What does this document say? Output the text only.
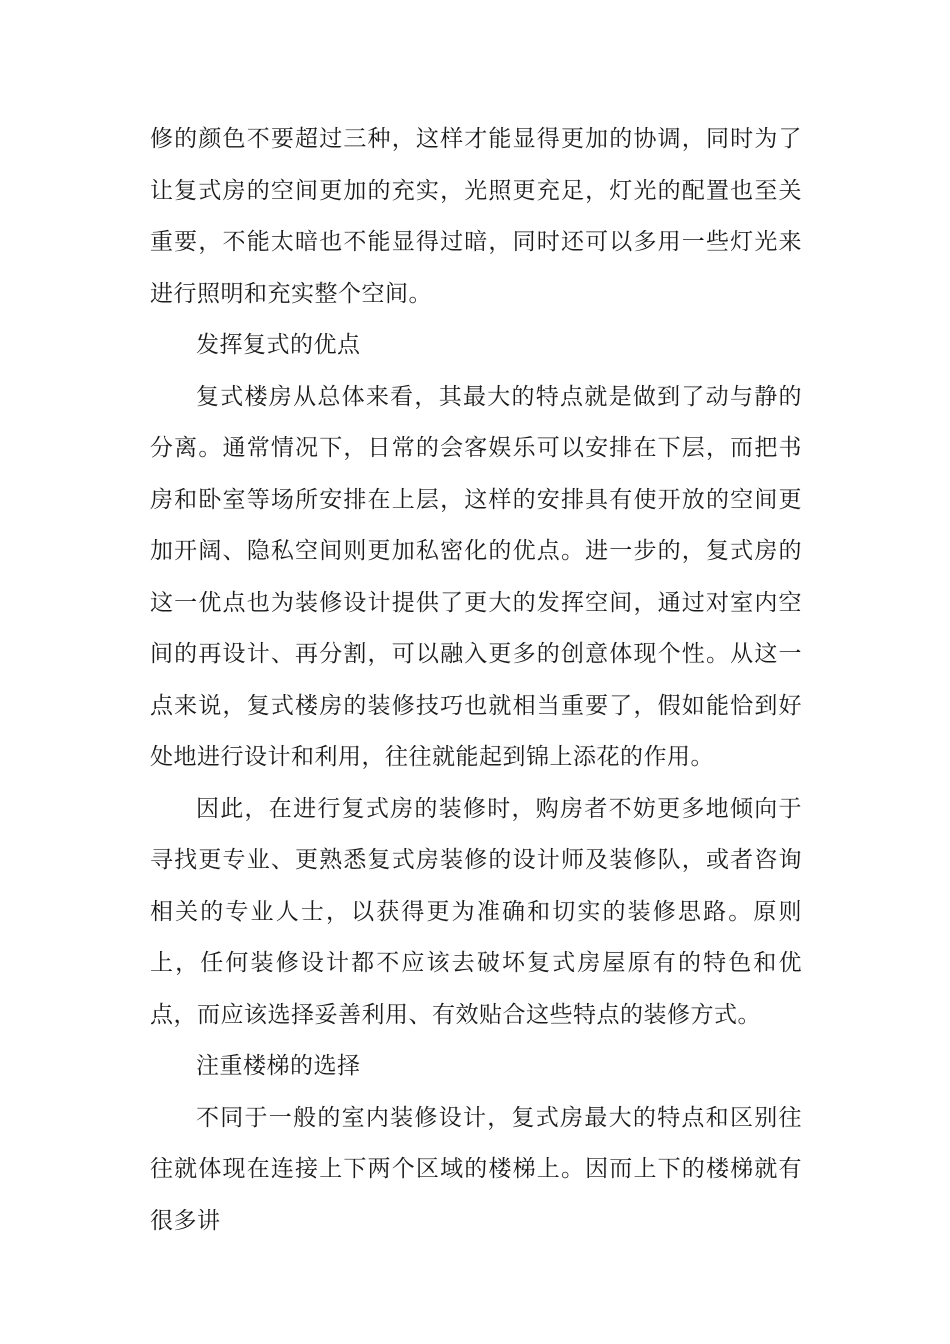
修的颜色不要超过三种，这样才能显得更加的协调，同时为了让复式房的空间更加的充实，光照更充足，灯光的配置也至关重要，不能太暗也不能显得过暗，同时还可以多用一些灯光来进行照明和充实整个空间。

发挥复式的优点

复式楼房从总体来看，其最大的特点就是做到了动与静的分离。通常情况下，日常的会客娱乐可以安排在下层，而把书房和卧室等场所安排在上层，这样的安排具有使开放的空间更加开阔、隐私空间则更加私密化的优点。进一步的，复式房的这一优点也为装修设计提供了更大的发挥空间，通过对室内空间的再设计、再分割，可以融入更多的创意体现个性。从这一点来说，复式楼房的装修技巧也就相当重要了，假如能恰到好处地进行设计和利用，往往就能起到锦上添花的作用。

因此，在进行复式房的装修时，购房者不妨更多地倾向于寻找更专业、更熟悉复式房装修的设计师及装修队，或者咨询相关的专业人士，以获得更为准确和切实的装修思路。原则上，任何装修设计都不应该去破坏复式房屋原有的特色和优点，而应该选择妥善利用、有效贴合这些特点的装修方式。

注重楼梯的选择

不同于一般的室内装修设计，复式房最大的特点和区别往往就体现在连接上下两个区域的楼梯上。因而上下的楼梯就有很多讲
